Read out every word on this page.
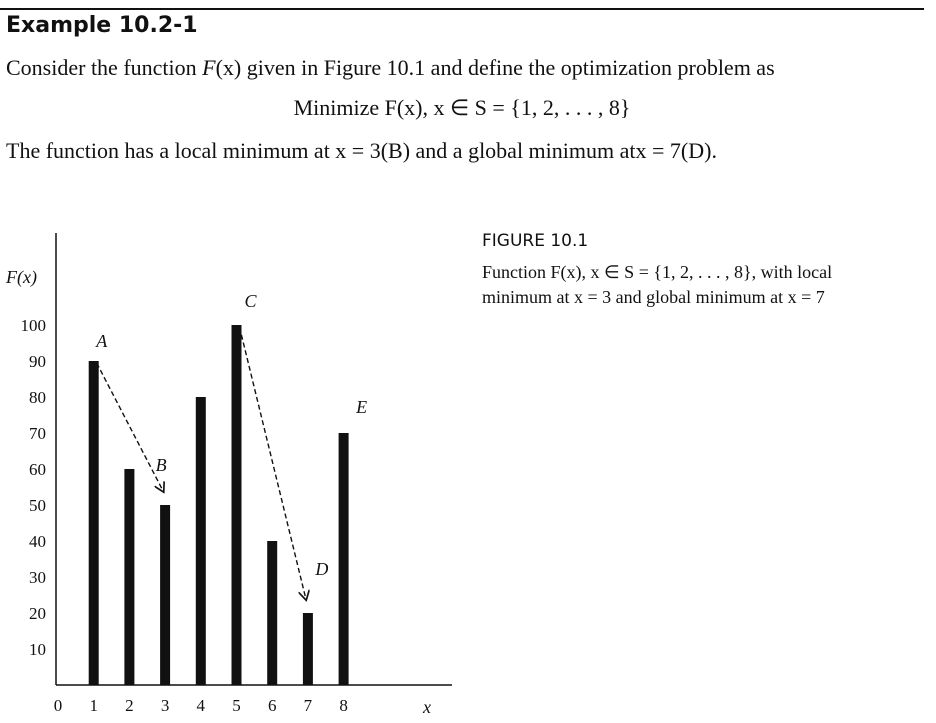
Example 10.2-1
Consider the function F(x) given in Figure 10.1 and define the optimization problem as
Minimize F(x), x ∈ S = {1, 2, . . . , 8}
The function has a local minimum at x = 3(B) and a global minimum atx = 7(D).
FIGURE 10.1
Function F(x), x ∈ S = {1, 2, . . . , 8}, with local
minimum at x = 3 and global minimum at x = 7
10
20
30
40
50
60
70
80
90
100
0 1 2 3 4 5 6 7 8
F(x)
x
A
B
C
D
E
